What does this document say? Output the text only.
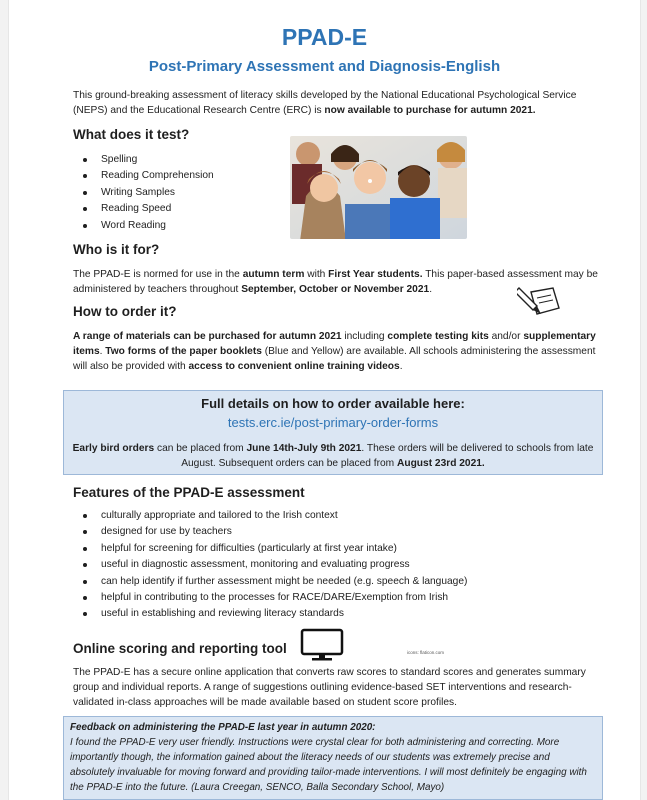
PPAD-E
Post-Primary Assessment and Diagnosis-English

This ground-breaking assessment of literacy skills developed by the National Educational Psychological Service (NEPS) and the Educational Research Centre (ERC) is now available to purchase for autumn 2021.

What does it test?
Spelling
Reading Comprehension
Writing Samples
Reading Speed
Word Reading
Who is it for?

The PPAD-E is normed for use in the autumn term with First Year students. This paper-based assessment may be administered by teachers throughout September, October or November 2021.

How to order it?

A range of materials can be purchased for autumn 2021 including complete testing kits and/or supplementary items. Two forms of the paper booklets (Blue and Yellow) are available. All schools administering the assessment will also be provided with access to convenient online training videos.

Full details on how to order available here:

tests.erc.ie/post-primary-order-forms

Early bird orders can be placed from June 14th-July 9th 2021. These orders will be delivered to schools from late August. Subsequent orders can be placed from August 23rd 2021.

Features of the PPAD-E assessment
culturally appropriate and tailored to the Irish context
designed for use by teachers
helpful for screening for difficulties (particularly at first year intake)
useful in diagnostic assessment, monitoring and evaluating progress
can help identify if further assessment might be needed (e.g. speech & language)
helpful in contributing to the processes for RACE/DARE/Exemption from Irish
useful in establishing and reviewing literacy standards
Online scoring and reporting tool	icons: flaticon.com

The PPAD-E has a secure online application that converts raw scores to standard scores and generates summary group and individual reports. A range of suggestions outlining evidence-based SET interventions and research-validated in-class approaches will be made available based on student score profiles.

Feedback on administering the PPAD-E last year in autumn 2020:

I found the PPAD-E very user friendly. Instructions were crystal clear for both administering and correcting. More importantly though, the information gained about the literacy needs of our students was extremely precise and absolutely invaluable for moving forward and providing tailor-made interventions. I will most definitely be engaging with the PPAD-E into the future. (Laura Creegan, SENCO, Balla Secondary School, Mayo)
